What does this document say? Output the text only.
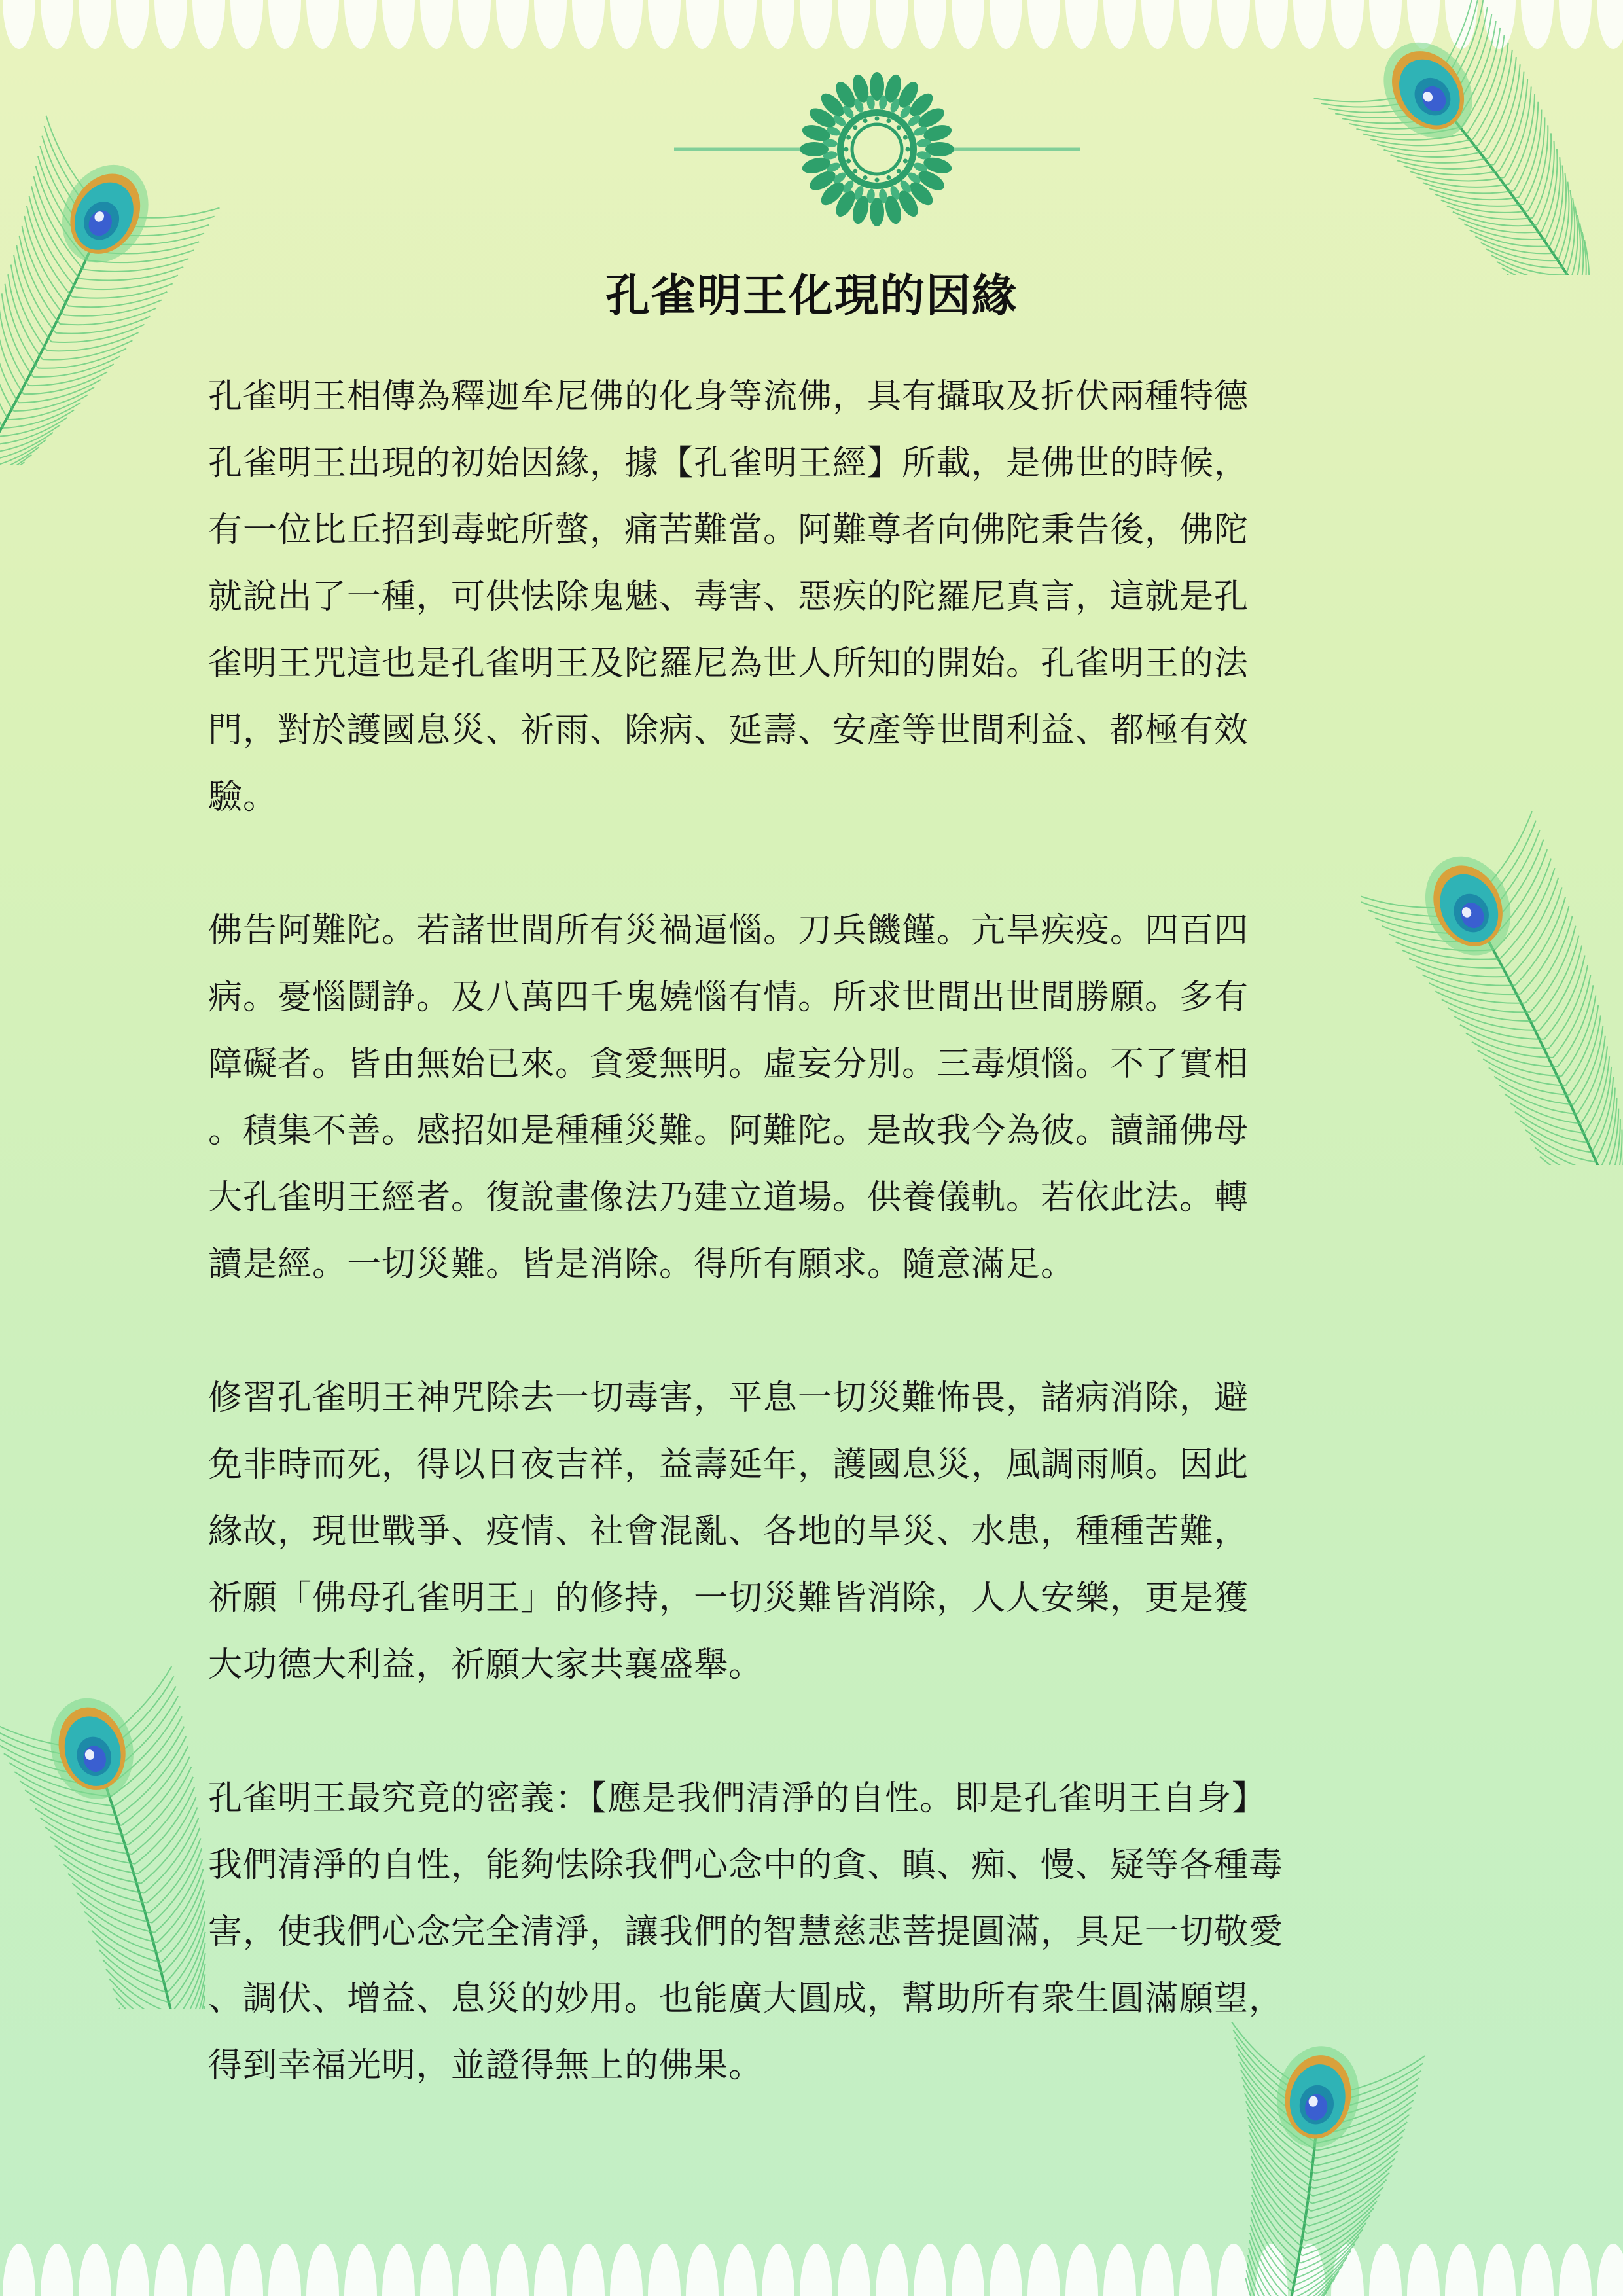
孔雀明王化現的因緣

孔雀明王相傳為釋迦牟尼佛的化身等流佛，具有攝取及折伏兩種特德
孔雀明王出現的初始因緣，據【孔雀明王經】所載，是佛世的時候，
有一位比丘招到毒蛇所螫，痛苦難當。阿難尊者向佛陀秉告後，佛陀
就說出了一種，可供怯除鬼魅、毒害、惡疾的陀羅尼真言，這就是孔
雀明王咒這也是孔雀明王及陀羅尼為世人所知的開始。孔雀明王的法
門，對於護國息災、祈雨、除病、延壽、安產等世間利益、都極有效
驗。

佛告阿難陀。若諸世間所有災禍逼惱。刀兵饑饉。亢旱疾疫。四百四
病。憂惱鬪諍。及八萬四千鬼嬈惱有情。所求世間出世間勝願。多有
障礙者。皆由無始已來。貪愛無明。虛妄分別。三毒煩惱。不了實相
。積集不善。感招如是種種災難。阿難陀。是故我今為彼。讀誦佛母
大孔雀明王經者。復說畫像法乃建立道場。供養儀軌。若依此法。轉
讀是經。一切災難。皆是消除。得所有願求。隨意滿足。

修習孔雀明王神咒除去一切毒害，平息一切災難怖畏，諸病消除，避
免非時而死，得以日夜吉祥，益壽延年，護國息災，風調雨順。因此
緣故，現世戰爭、疫情、社會混亂、各地的旱災、水患，種種苦難，
祈願「佛母孔雀明王」的修持，一切災難皆消除，人人安樂，更是獲
大功德大利益，祈願大家共襄盛舉。

孔雀明王最究竟的密義：【應是我們清淨的自性。即是孔雀明王自身】
我們清淨的自性，能夠怯除我們心念中的貪、瞋、痴、慢、疑等各種毒
害，使我們心念完全清淨，讓我們的智慧慈悲菩提圓滿，具足一切敬愛
、調伏、增益、息災的妙用。也能廣大圓成，幫助所有衆生圓滿願望，
得到幸福光明，並證得無上的佛果。
